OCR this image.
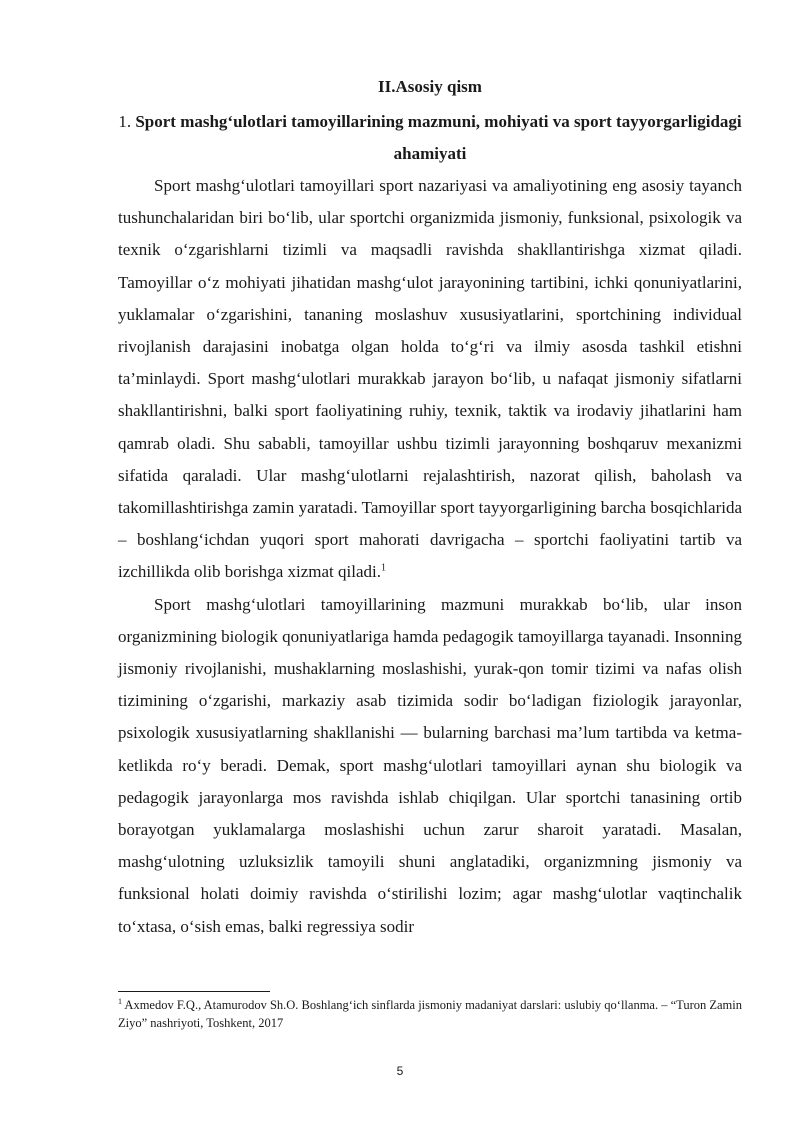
II.Asosiy qism
1. Sport mashg‘ulotlari tamoyillarining mazmuni, mohiyati va sport tayyorgarligidagi ahamiyati

Sport mashg‘ulotlari tamoyillari sport nazariyasi va amaliyotining eng asosiy tayanch tushunchalaridan biri bo‘lib, ular sportchi organizmida jismoniy, funksional, psixologik va texnik o‘zgarishlarni tizimli va maqsadli ravishda shakllantirishga xizmat qiladi. Tamoyillar o‘z mohiyati jihatidan mashg‘ulot jarayonining tartibini, ichki qonuniyatlarini, yuklamalar o‘zgarishini, tananing moslashuv xususiyatlarini, sportchining individual rivojlanish darajasini inobatga olgan holda to‘g‘ri va ilmiy asosda tashkil etishni ta’minlaydi. Sport mashg‘ulotlari murakkab jarayon bo‘lib, u nafaqat jismoniy sifatlarni shakllantirishni, balki sport faoliyatining ruhiy, texnik, taktik va irodaviy jihatlarini ham qamrab oladi. Shu sababli, tamoyillar ushbu tizimli jarayonning boshqaruv mexanizmi sifatida qaraladi. Ular mashg‘ulotlarni rejalashtirish, nazorat qilish, baholash va takomillashtirishga zamin yaratadi. Tamoyillar sport tayyorgarligining barcha bosqichlarida – boshlang‘ichdan yuqori sport mahorati davrigacha – sportchi faoliyatini tartib va izchillikda olib borishga xizmat qiladi.$^1$

Sport mashg‘ulotlari tamoyillarining mazmuni murakkab bo‘lib, ular inson organizmining biologik qonuniyatlariga hamda pedagogik tamoyillarga tayanadi. Insonning jismoniy rivojlanishi, mushaklarning moslashishi, yurak-qon tomir tizimi va nafas olish tizimining o‘zgarishi, markaziy asab tizimida sodir bo‘ladigan fiziologik jarayonlar, psixologik xususiyatlarning shakllanishi — bularning barchasi ma’lum tartibda va ketma-ketlikda ro‘y beradi. Demak, sport mashg‘ulotlari tamoyillari aynan shu biologik va pedagogik jarayonlarga mos ravishda ishlab chiqilgan. Ular sportchi tanasining ortib borayotgan yuklamalarga moslashishi uchun zarur sharoit yaratadi. Masalan, mashg‘ulotning uzluksizlik tamoyili shuni anglatadiki, organizmning jismoniy va funksional holati doimiy ravishda o‘stirilishi lozim; agar mashg‘ulotlar vaqtinchalik to‘xtasa, o‘sish emas, balki regressiya sodir

$^1$ Axmedov F.Q., Atamurodov Sh.O. Boshlang‘ich sinflarda jismoniy madaniyat darslari: uslubiy qo‘llanma. – “Turon Zamin Ziyo” nashriyoti, Toshkent, 2017

5
